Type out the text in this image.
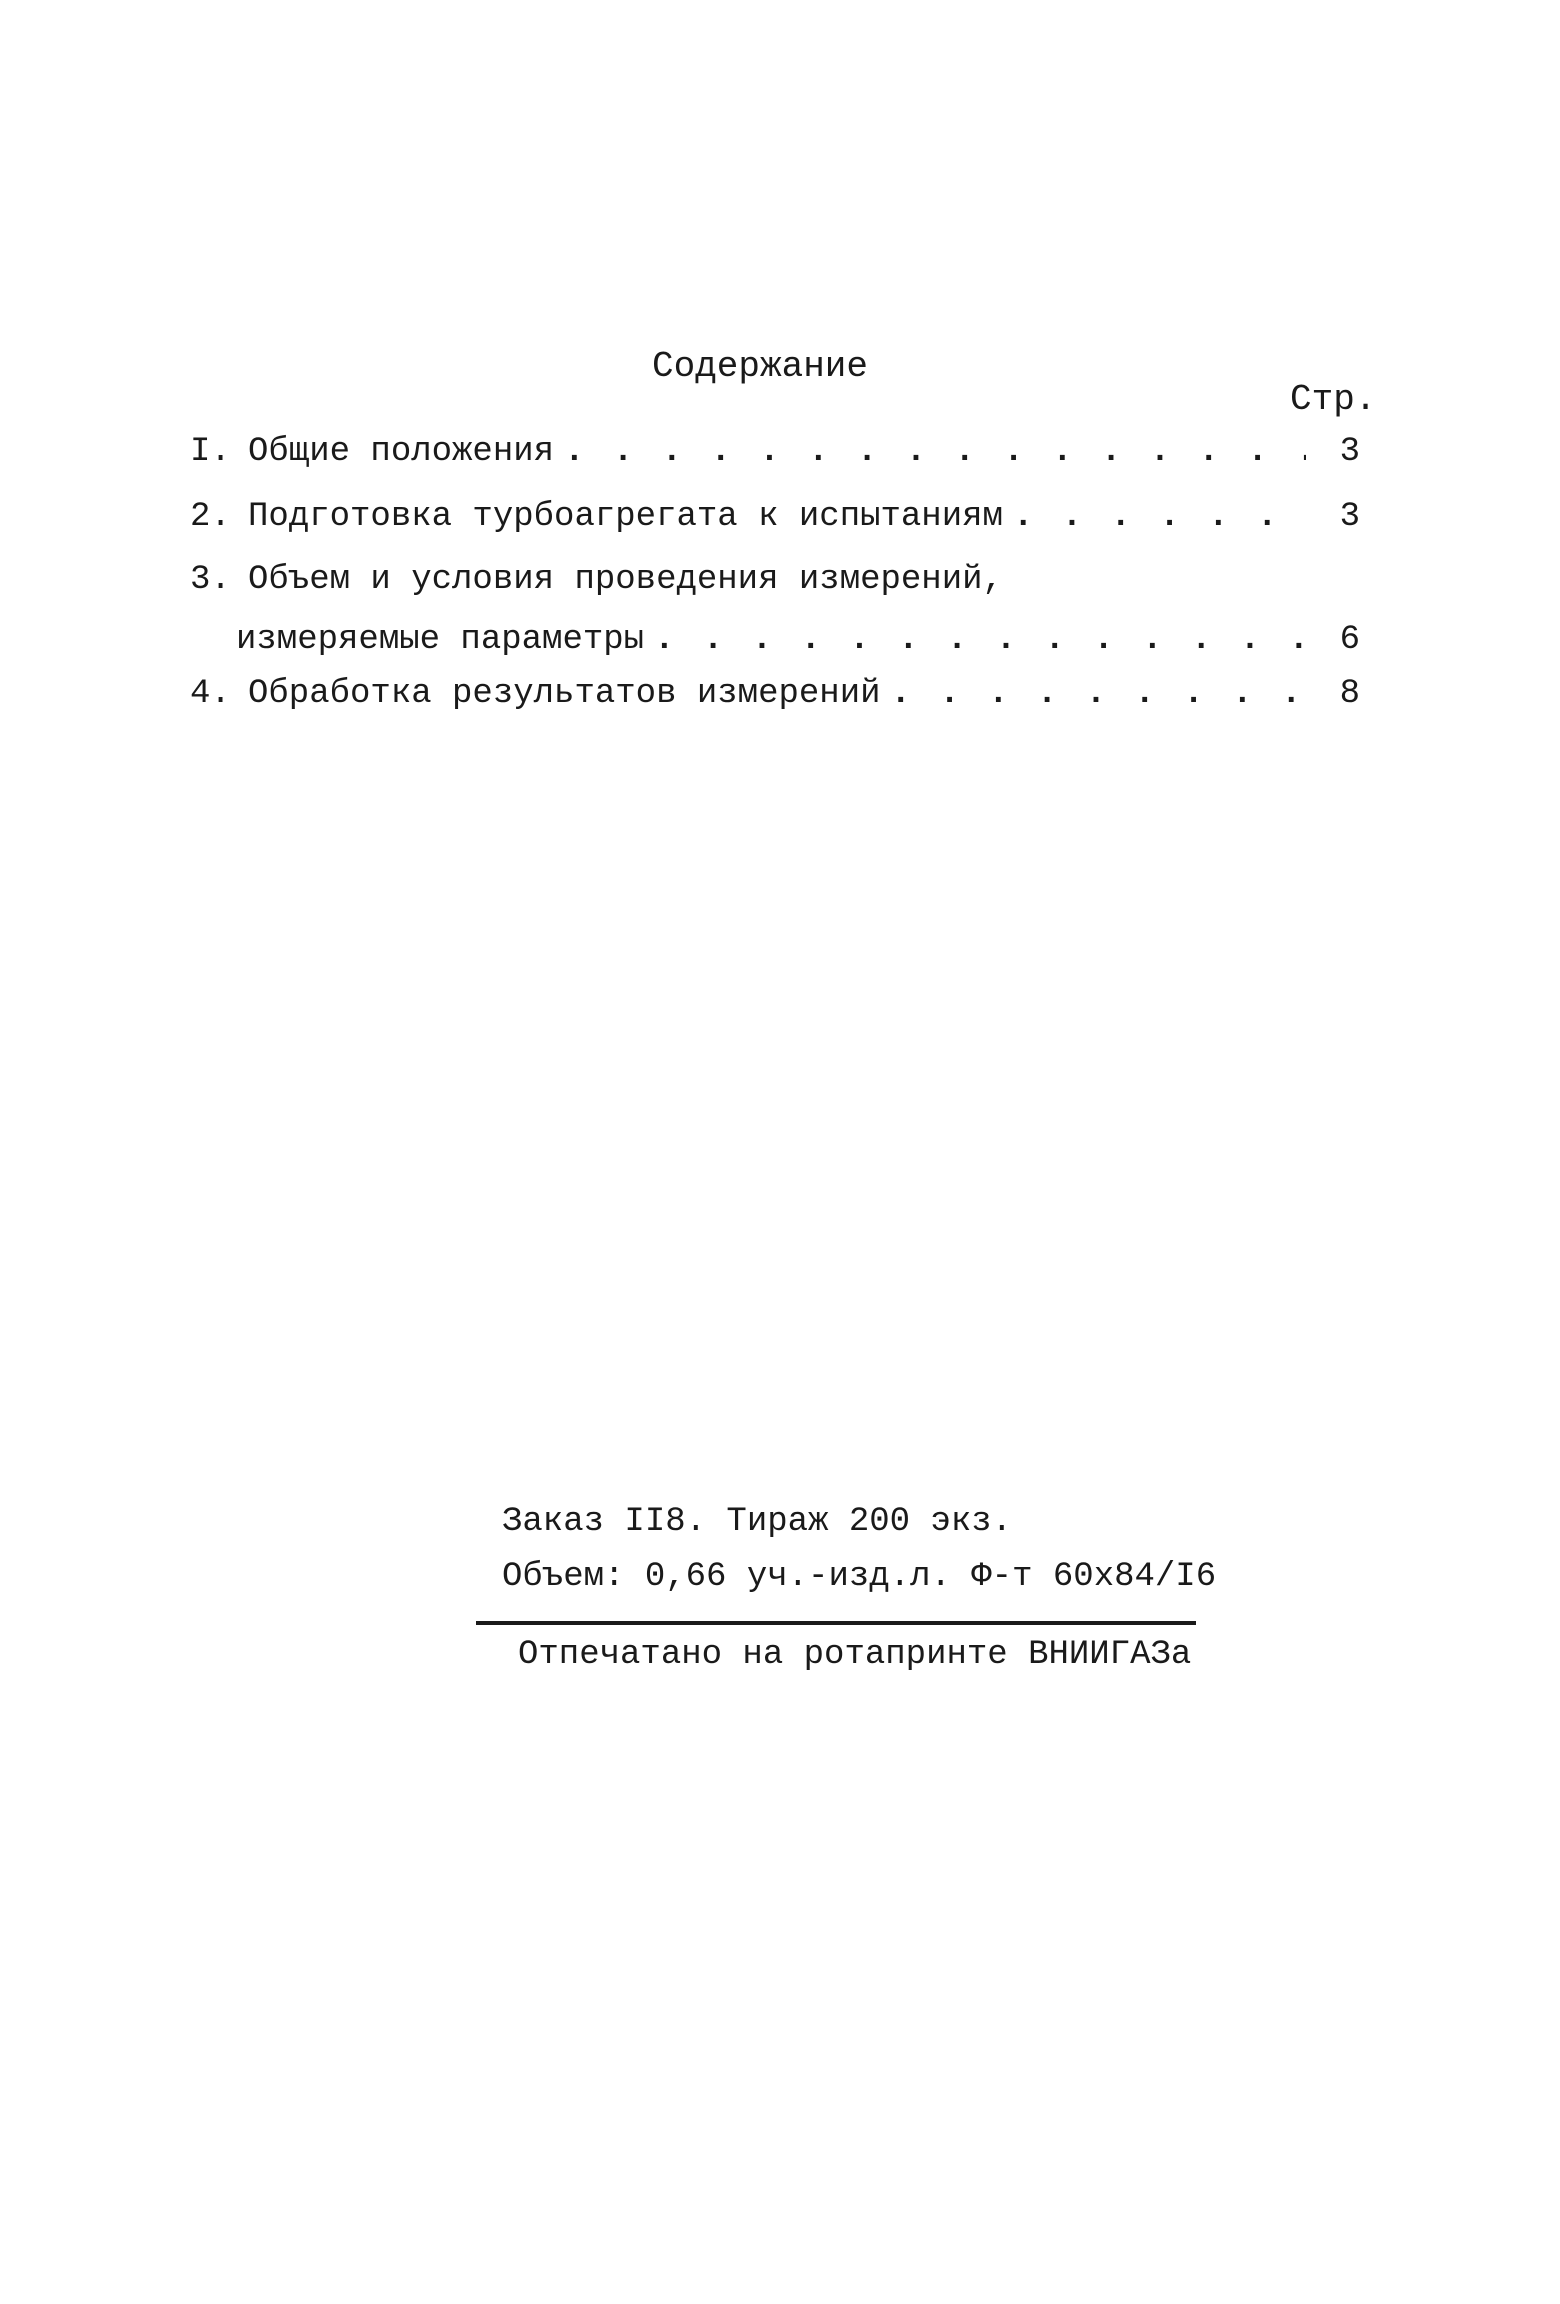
Содержание
Стр.
I. Общие положения . . .	3
2. Подготовка турбоагрегата к испытаниям . . .	3
3. Объем и условия проведения измерений,
измеряемые параметры . . .	6
4. Обработка результатов измерений . . .	8
Заказ II8. Тираж 200 экз.
Объем: 0,66 уч.-изд.л. Ф-т 60х84/I6
Отпечатано на ротапринте ВНИИГАЗа
